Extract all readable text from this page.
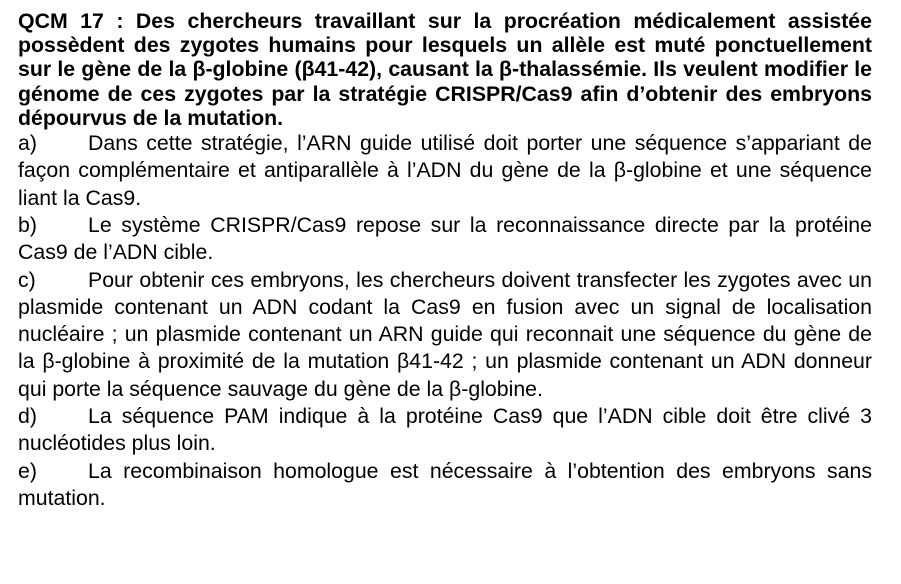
QCM 17 : Des chercheurs travaillant sur la procréation médicalement assistée possèdent des zygotes humains pour lesquels un allèle est muté ponctuellement sur le gène de la β-globine (β41-42), causant la β-thalassémie. Ils veulent modifier le génome de ces zygotes par la stratégie CRISPR/Cas9 afin d’obtenir des embryons dépourvus de la mutation.

a) Dans cette stratégie, l’ARN guide utilisé doit porter une séquence s’appariant de façon complémentaire et antiparallèle à l’ADN du gène de la β-globine et une séquence liant la Cas9.

b) Le système CRISPR/Cas9 repose sur la reconnaissance directe par la protéine Cas9 de l’ADN cible.

c) Pour obtenir ces embryons, les chercheurs doivent transfecter les zygotes avec un plasmide contenant un ADN codant la Cas9 en fusion avec un signal de localisation nucléaire ; un plasmide contenant un ARN guide qui reconnait une séquence du gène de la β-globine à proximité de la mutation β41-42 ; un plasmide contenant un ADN donneur qui porte la séquence sauvage du gène de la β-globine.

d) La séquence PAM indique à la protéine Cas9 que l’ADN cible doit être clivé 3 nucléotides plus loin.

e) La recombinaison homologue est nécessaire à l’obtention des embryons sans mutation.
